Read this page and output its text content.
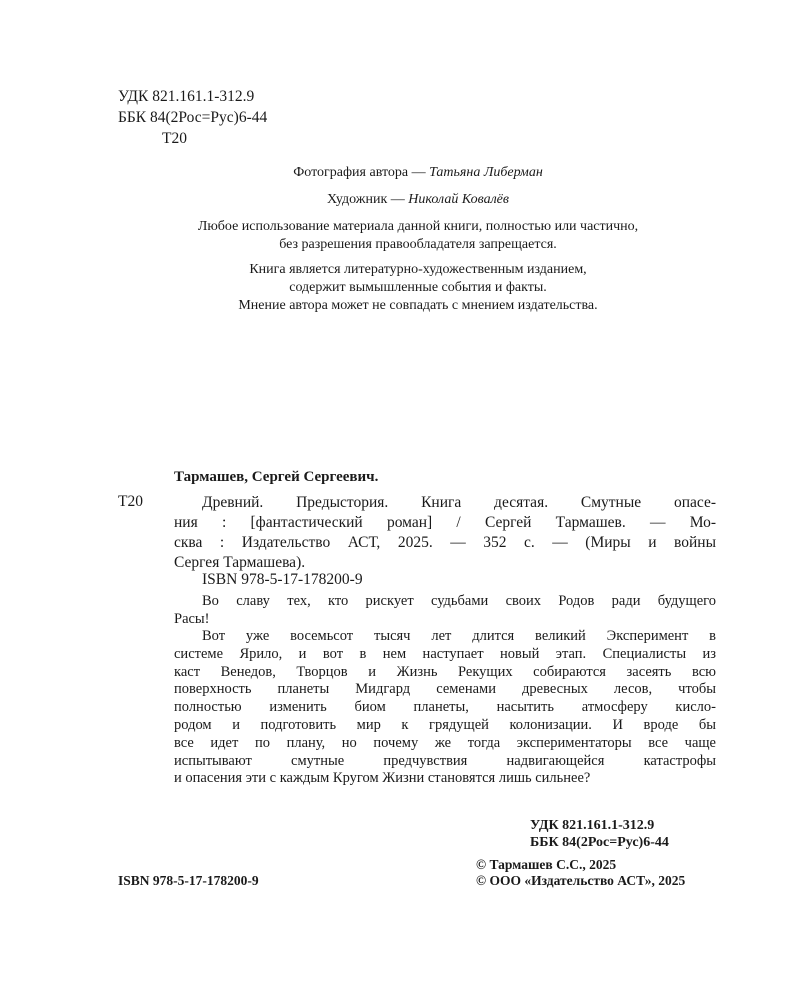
УДК 821.161.1-312.9
ББК 84(2Рос=Рус)6-44
Т20
Фотография автора — Татьяна Либерман
Художник — Николай Ковалёв
Любое использование материала данной книги, полностью или частично,
без разрешения правообладателя запрещается.
Книга является литературно-художественным изданием,
содержит вымышленные события и факты.
Мнение автора может не совпадать с мнением издательства.
Тармашев, Сергей Сергеевич.
Т20	Древний. Предыстория. Книга десятая. Смутные опасе-
ния : [фантастический роман] / Сергей Тармашев. — Мо-
сква : Издательство АСТ, 2025. — 352 с. — (Миры и войны
Сергея Тармашева).
ISBN 978-5-17-178200-9
Во славу тех, кто рискует судьбами своих Родов ради будущего
Расы!
Вот уже восемьсот тысяч лет длится великий Эксперимент в
системе Ярило, и вот в нем наступает новый этап. Специалисты из
каст Венедов, Творцов и Жизнь Рекущих собираются засеять всю
поверхность планеты Мидгард семенами древесных лесов, чтобы
полностью изменить биом планеты, насытить атмосферу кисло-
родом и подготовить мир к грядущей колонизации. И вроде бы
все идет по плану, но почему же тогда экспериментаторы все чаще
испытывают смутные предчувствия надвигающейся катастрофы
и опасения эти с каждым Кругом Жизни становятся лишь сильнее?
УДК 821.161.1-312.9
ББК 84(2Рос=Рус)6-44
© Тармашев С.С., 2025
© ООО «Издательство АСТ», 2025
ISBN 978-5-17-178200-9
